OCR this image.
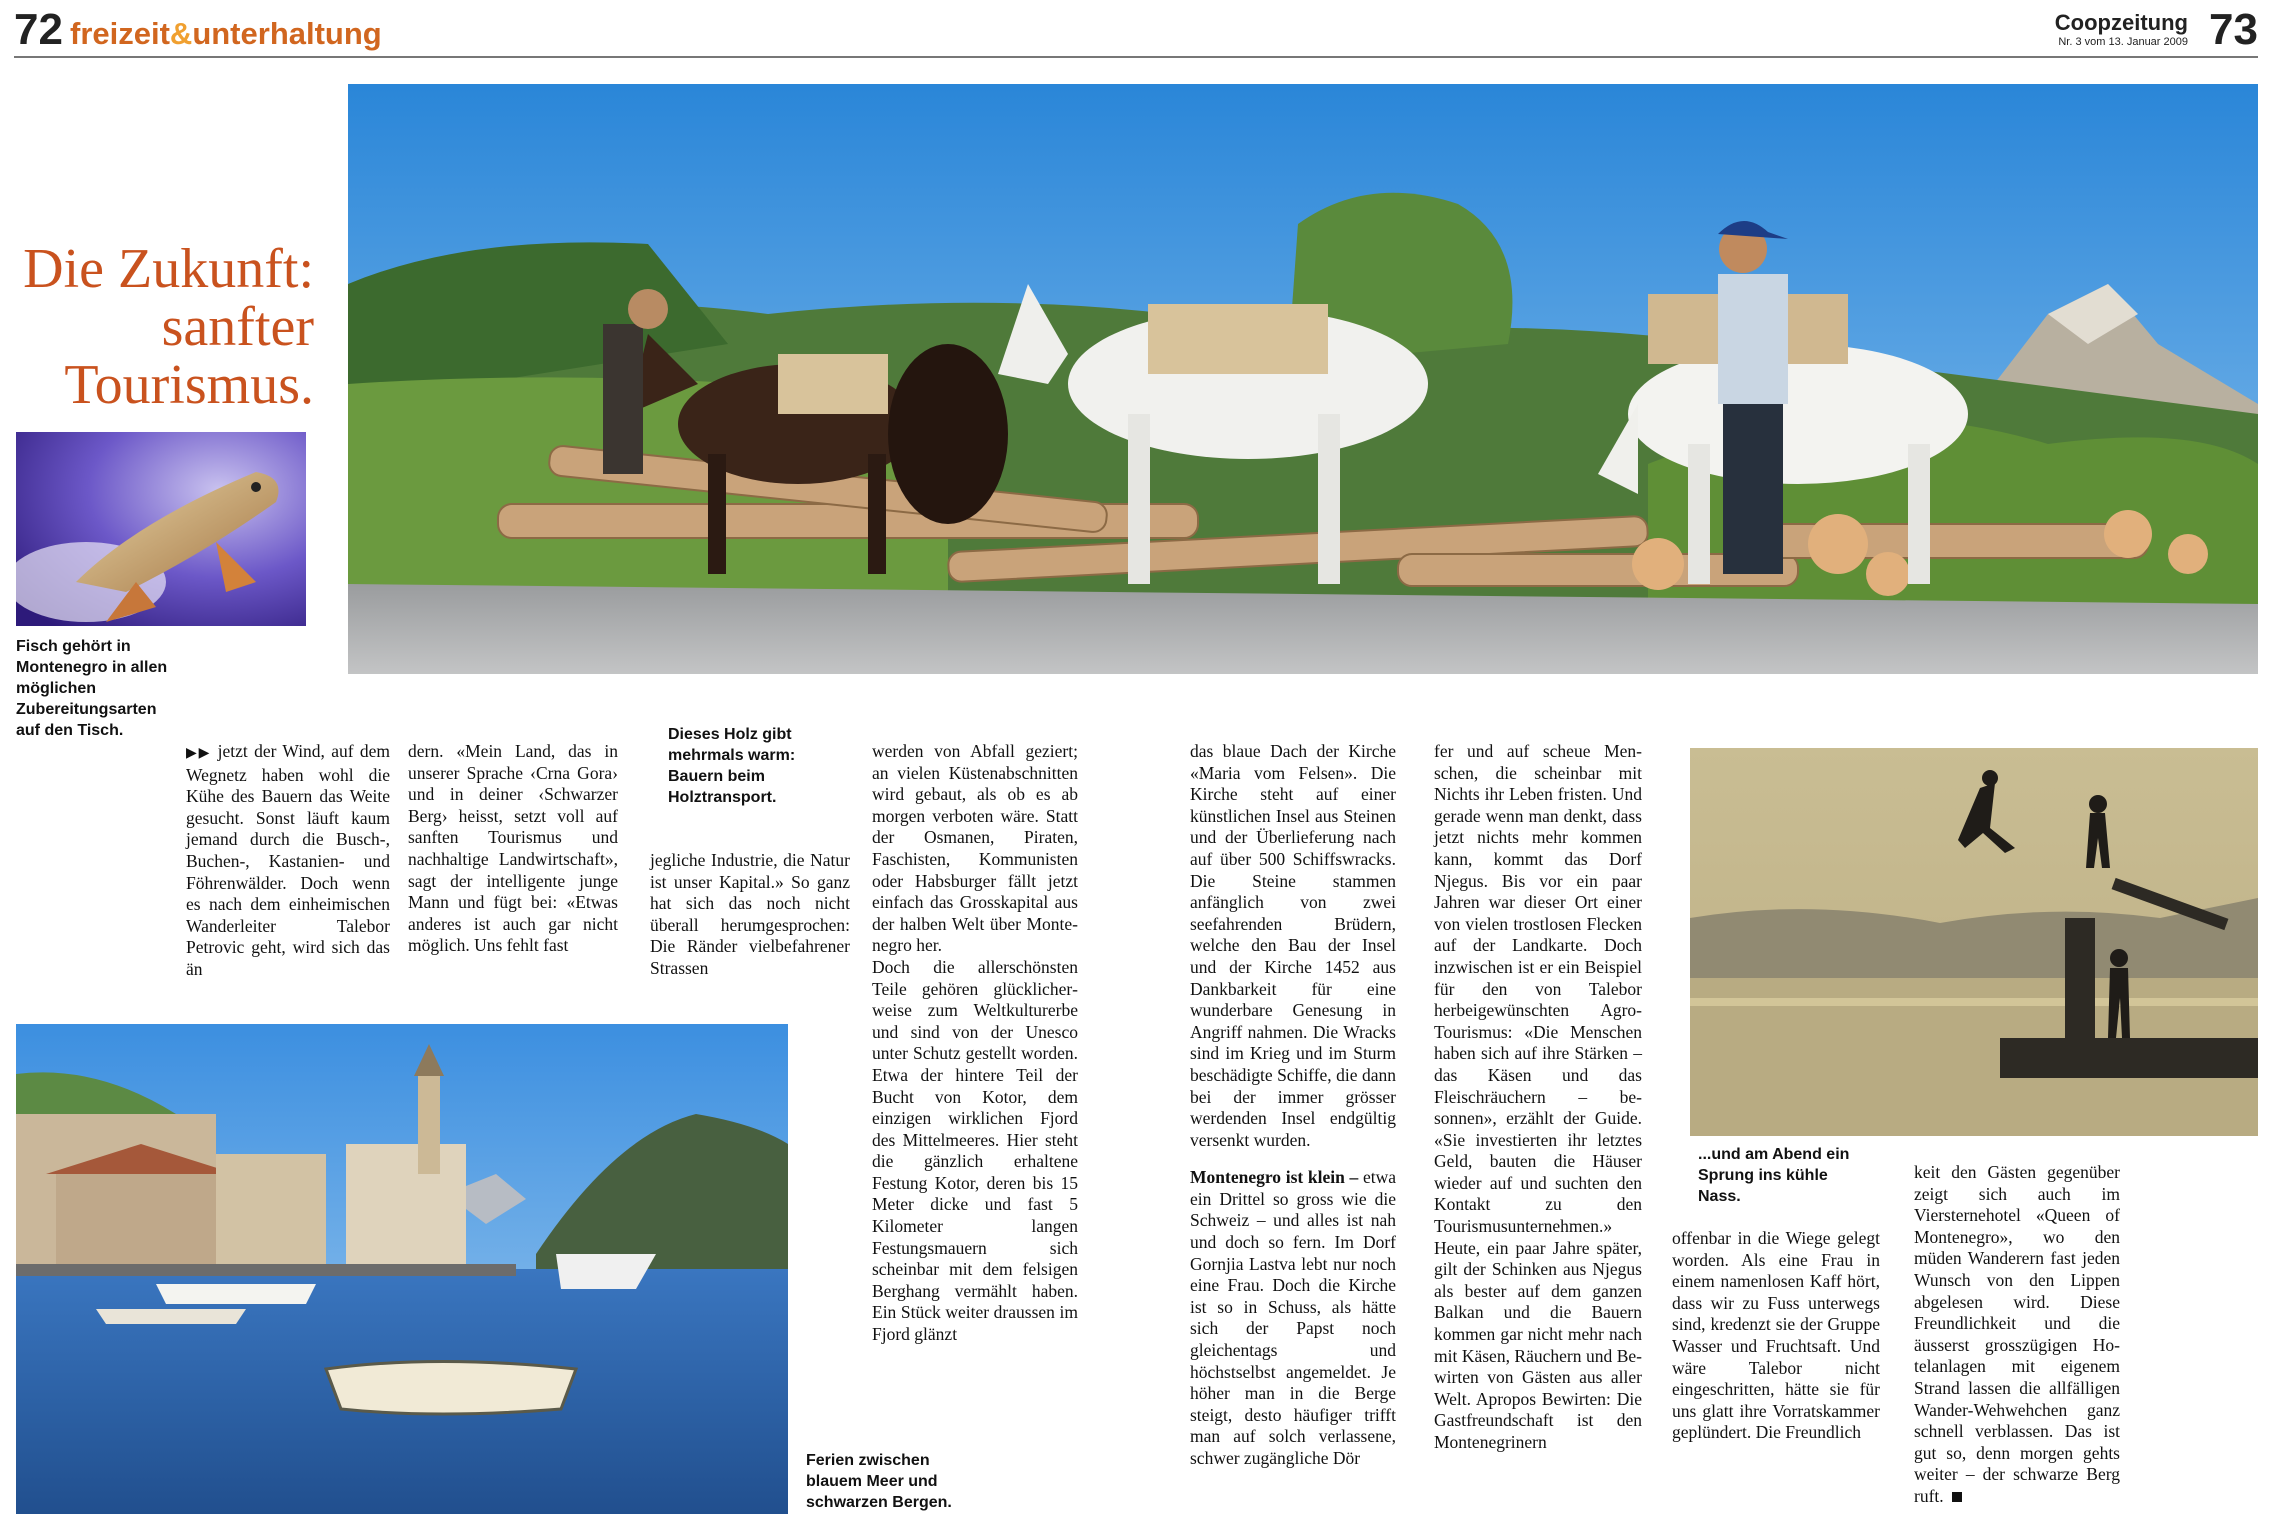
72 freizeit&unterhaltung	Coopzeitung
Nr. 3 vom 13. Januar 2009 73
Die Zukunft:
sanfter
Tourismus.
Fisch gehört in Montenegro in allen möglichen Zubereitungsarten auf den Tisch.	Dieses Holz gibt mehrmals warm: Bauern beim Holztransport.
...und am Abend ein Sprung ins kühle Nass.
Ferien zwischen blauem Meer und schwarzen Bergen.

▶▶ jetzt der Wind, auf dem Wegnetz haben wohl die Kühe des Bauern das Weite gesucht. Sonst läuft kaum jemand durch die Busch-, Buchen-, Kastanien- und Föhrenwälder. Doch wenn es nach dem einheimischen Wanderleiter Talebor Petrovic geht, wird sich das än

dern. «Mein Land, das in unserer Sprache ‹Crna Gora› und in deiner ‹Schwarzer Berg› heisst, setzt voll auf sanften Tourismus und nachhaltige Landwirtschaft», sagt der intelligente junge Mann und fügt bei: «Etwas anderes ist auch gar nicht möglich. Uns fehlt fast

jegliche Industrie, die Natur ist unser Kapital.» So ganz hat sich das noch nicht überall herumgesprochen: Die Ränder vielbefahrener Strassen

werden von Abfall geziert; an vielen Küstenabschnitten wird gebaut, als ob es ab morgen verboten wäre. Statt der Osmanen, Piraten, Faschisten, Kommunisten oder Habsburger fällt jetzt einfach das Grosskapital aus der halben Welt über Montenegro her.

Doch die allerschönsten Teile gehören glücklicherweise zum Weltkulturerbe und sind von der Unesco unter Schutz gestellt worden. Etwa der hintere Teil der Bucht von Kotor, dem einzigen wirklichen Fjord des Mittelmeeres. Hier steht die gänzlich erhaltene Festung Kotor, deren bis 15 Meter dicke und fast 5 Kilometer langen Festungsmauern sich scheinbar mit dem felsigen Berghang vermählt haben. Ein Stück weiter draussen im Fjord glänzt

das blaue Dach der Kirche «Maria vom Felsen». Die Kirche steht auf einer künstlichen Insel aus Steinen und der Überlieferung nach auf über 500 Schiffswracks. Die Steine stammen anfänglich von zwei seefahrenden Brüdern, welche den Bau der Insel und der Kirche 1452 aus Dankbarkeit für eine wunderbare Genesung in Angriff nahmen. Die Wracks sind im Krieg und im Sturm beschädigte Schiffe, die dann bei der immer grösser werdenden Insel endgültig versenkt wurden.

Montenegro ist klein – etwa ein Drittel so gross wie die Schweiz – und alles ist nah und doch so fern. Im Dorf Gornjia Lastva lebt nur noch eine Frau. Doch die Kirche ist so in Schuss, als hätte sich der Papst noch gleichentags und höchstselbst angemeldet. Je höher man in die Berge steigt, desto häufiger trifft man auf solch verlassene, schwer zugängliche Dör

fer und auf scheue Menschen, die scheinbar mit Nichts ihr Leben fristen. Und gerade wenn man denkt, dass jetzt nichts mehr kommen kann, kommt das Dorf Njegus. Bis vor ein paar Jahren war dieser Ort einer von vielen trostlosen Flecken auf der Landkarte. Doch inzwischen ist er ein Beispiel für den von Talebor herbeigewünschten Agro-Tourismus: «Die Menschen haben sich auf ihre Stärken – das Käsen und das Fleischräuchern – besonnen», erzählt der Guide. «Sie investierten ihr letztes Geld, bauten die Häuser wieder auf und suchten den Kontakt zu den Tourismusunternehmen.» Heute, ein paar Jahre später, gilt der Schinken aus Njegus als bester auf dem ganzen Balkan und die Bauern kommen gar nicht mehr nach mit Käsen, Räuchern und Bewirten von Gästen aus aller Welt. Apropos Bewirten: Die Gastfreundschaft ist den Montenegrinern

offenbar in die Wiege gelegt worden. Als eine Frau in einem namenlosen Kaff hört, dass wir zu Fuss unterwegs sind, kredenzt sie der Gruppe Wasser und Fruchtsaft. Und wäre Talebor nicht eingeschritten, hätte sie für uns glatt ihre Vorratskammer geplündert. Die Freundlich

keit den Gästen gegenüber zeigt sich auch im Viersternehotel «Queen of Montenegro», wo den müden Wanderern fast jeden Wunsch von den Lippen abgelesen wird. Diese Freundlichkeit und die äusserst grosszügigen Hotelanlagen mit eigenem Strand lassen die allfälligen Wander-Wehwehchen ganz schnell verblassen. Das ist gut so, denn morgen gehts weiter – der schwarze Berg ruft.
